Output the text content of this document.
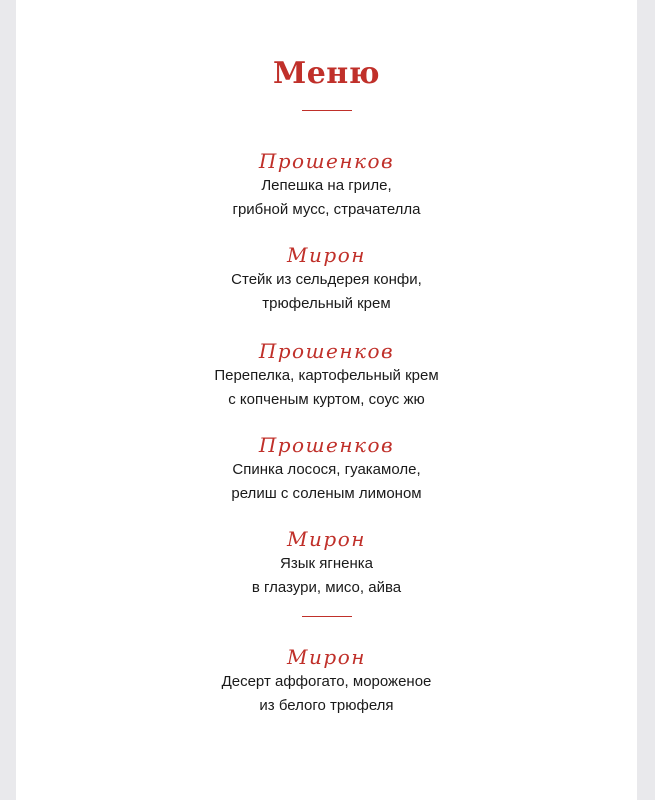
Меню
Прошенков
Лепешка на гриле,
грибной мусс, страчателла
Мирон
Стейк из сельдерея конфи,
трюфельный крем
Прошенков
Перепелка, картофельный крем
с копченым куртом, соус жю
Прошенков
Спинка лосося, гуакамоле,
релиш с соленым лимоном
Мирон
Язык ягненка
в глазури, мисо, айва
Мирон
Десерт аффогато, мороженое
из белого трюфеля
